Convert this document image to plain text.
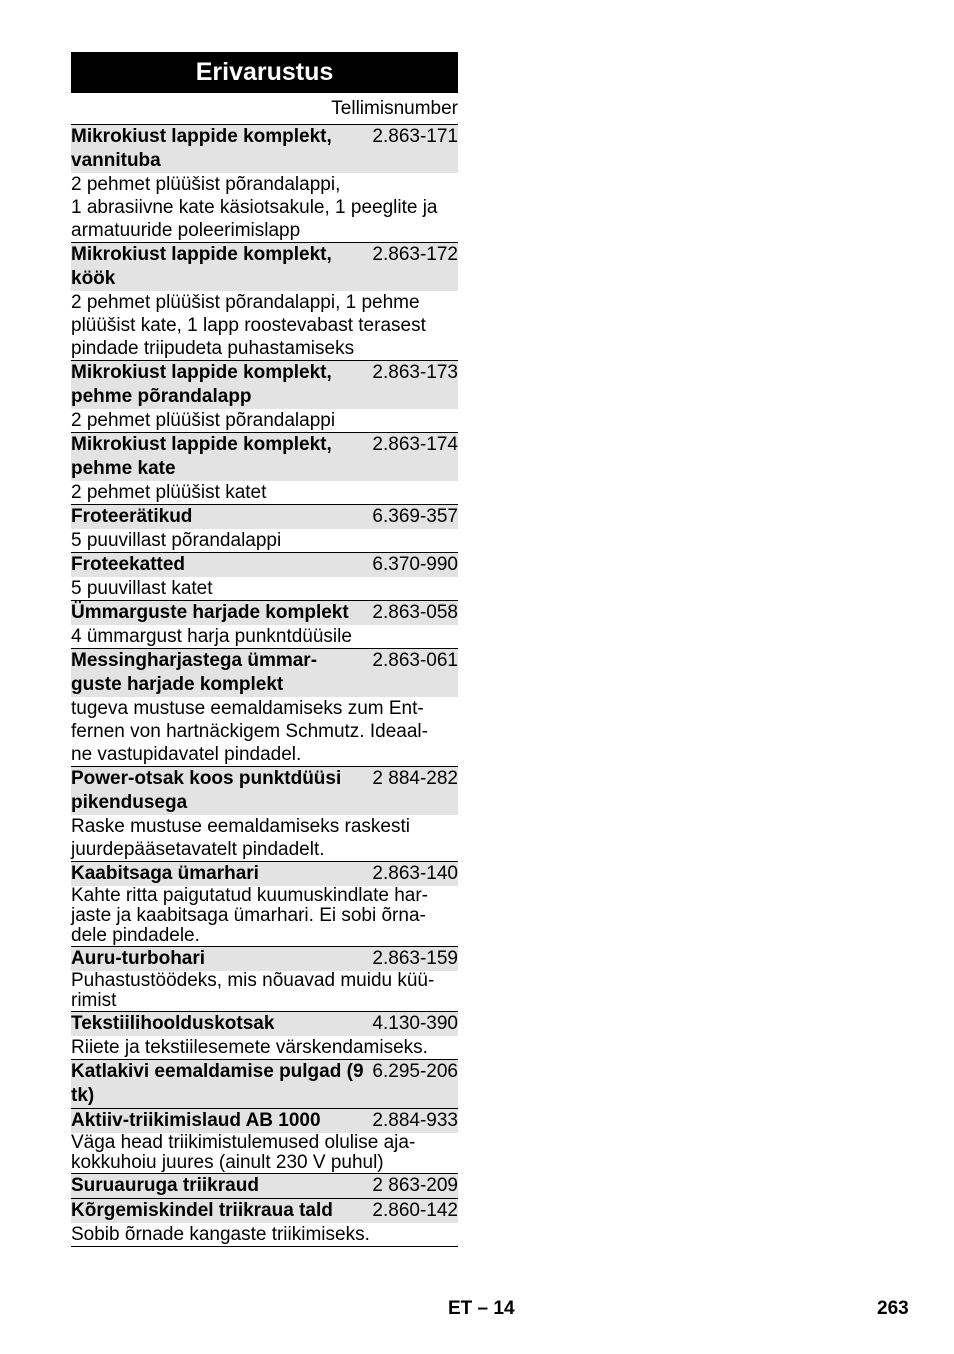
Erivarustus
Tellimisnumber
Mikrokiust lappide komplekt, vannituba
2.863-171
2 pehmet plüüšist põrandalappi,
1 abrasiivne kate käsiotsakule, 1 peeglite ja armatuuride poleerimislapp
Mikrokiust lappide komplekt, köök
2.863-172
2 pehmet plüüšist põrandalappi, 1 pehme plüüšist kate, 1 lapp roostevabast terasest pindade triipudeta puhastamiseks
Mikrokiust lappide komplekt, pehme põrandalapp
2.863-173
2 pehmet plüüšist põrandalappi
Mikrokiust lappide komplekt, pehme kate
2.863-174
2 pehmet plüüšist katet
Froteerätikud	6.369-357
5 puuvillast põrandalappi
Froteekatted	6.370-990
5 puuvillast katet
Ümmarguste harjade komplekt	2.863-058
4 ümmargust harja punkntdüüsile
Messingharjastega ümmar-
guste harjade komplekt
2.863-061
tugeva mustuse eemaldamiseks zum Ent-
fernen von hartnäckigem Schmutz. Ideaal-
ne vastupidavatel pindadel.
Power-otsak koos punktdüüsi pikendusega
2 884-282
Raske mustuse eemaldamiseks raskesti juurdepääsetavatelt pindadelt.
Kaabitsaga ümarhari	2.863-140
Kahte ritta paigutatud kuumuskindlate har-
jaste ja kaabitsaga ümarhari. Ei sobi õrna-
dele pindadele.
Auru-turbohari	2.863-159
Puhastustöödeks, mis nõuavad muidu küü-
rimist
Tekstiilihoolduskotsak	4.130-390
Riiete ja tekstiilesemete värskendamiseks.
Katlakivi eemaldamise pulgad (9 tk)
6.295-206
Aktiiv-triikimislaud AB 1000	2.884-933
Väga head triikimistulemused olulise aja-
kokkuhoiu juures (ainult 230 V puhul)
Suruauruga triikraud	2 863-209
Kõrgemiskindel triikraua tald	2.860-142
Sobib õrnade kangaste triikimiseks.
ET – 14	263
